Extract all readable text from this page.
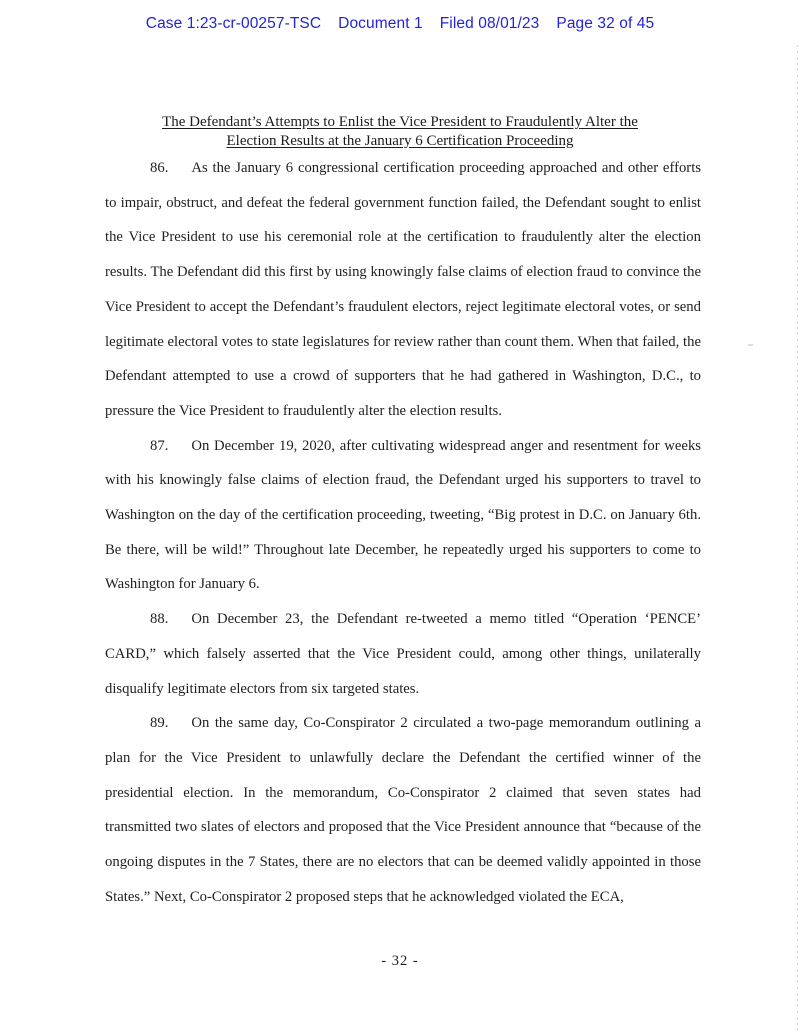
Case 1:23-cr-00257-TSC Document 1 Filed 08/01/23 Page 32 of 45
The Defendant’s Attempts to Enlist the Vice President to Fraudulently Alter the
Election Results at the January 6 Certification Proceeding

86. As the January 6 congressional certification proceeding approached and other efforts to impair, obstruct, and defeat the federal government function failed, the Defendant sought to enlist the Vice President to use his ceremonial role at the certification to fraudulently alter the election results. The Defendant did this first by using knowingly false claims of election fraud to convince the Vice President to accept the Defendant’s fraudulent electors, reject legitimate electoral votes, or send legitimate electoral votes to state legislatures for review rather than count them. When that failed, the Defendant attempted to use a crowd of supporters that he had gathered in Washington, D.C., to pressure the Vice President to fraudulently alter the election results.

87. On December 19, 2020, after cultivating widespread anger and resentment for weeks with his knowingly false claims of election fraud, the Defendant urged his supporters to travel to Washington on the day of the certification proceeding, tweeting, “Big protest in D.C. on January 6th. Be there, will be wild!” Throughout late December, he repeatedly urged his supporters to come to Washington for January 6.

88. On December 23, the Defendant re-tweeted a memo titled “Operation ‘PENCE’ CARD,” which falsely asserted that the Vice President could, among other things, unilaterally disqualify legitimate electors from six targeted states.

89. On the same day, Co-Conspirator 2 circulated a two-page memorandum outlining a plan for the Vice President to unlawfully declare the Defendant the certified winner of the presidential election. In the memorandum, Co-Conspirator 2 claimed that seven states had transmitted two slates of electors and proposed that the Vice President announce that “because of the ongoing disputes in the 7 States, there are no electors that can be deemed validly appointed in those States.” Next, Co-Conspirator 2 proposed steps that he acknowledged violated the ECA,

- 32 -
